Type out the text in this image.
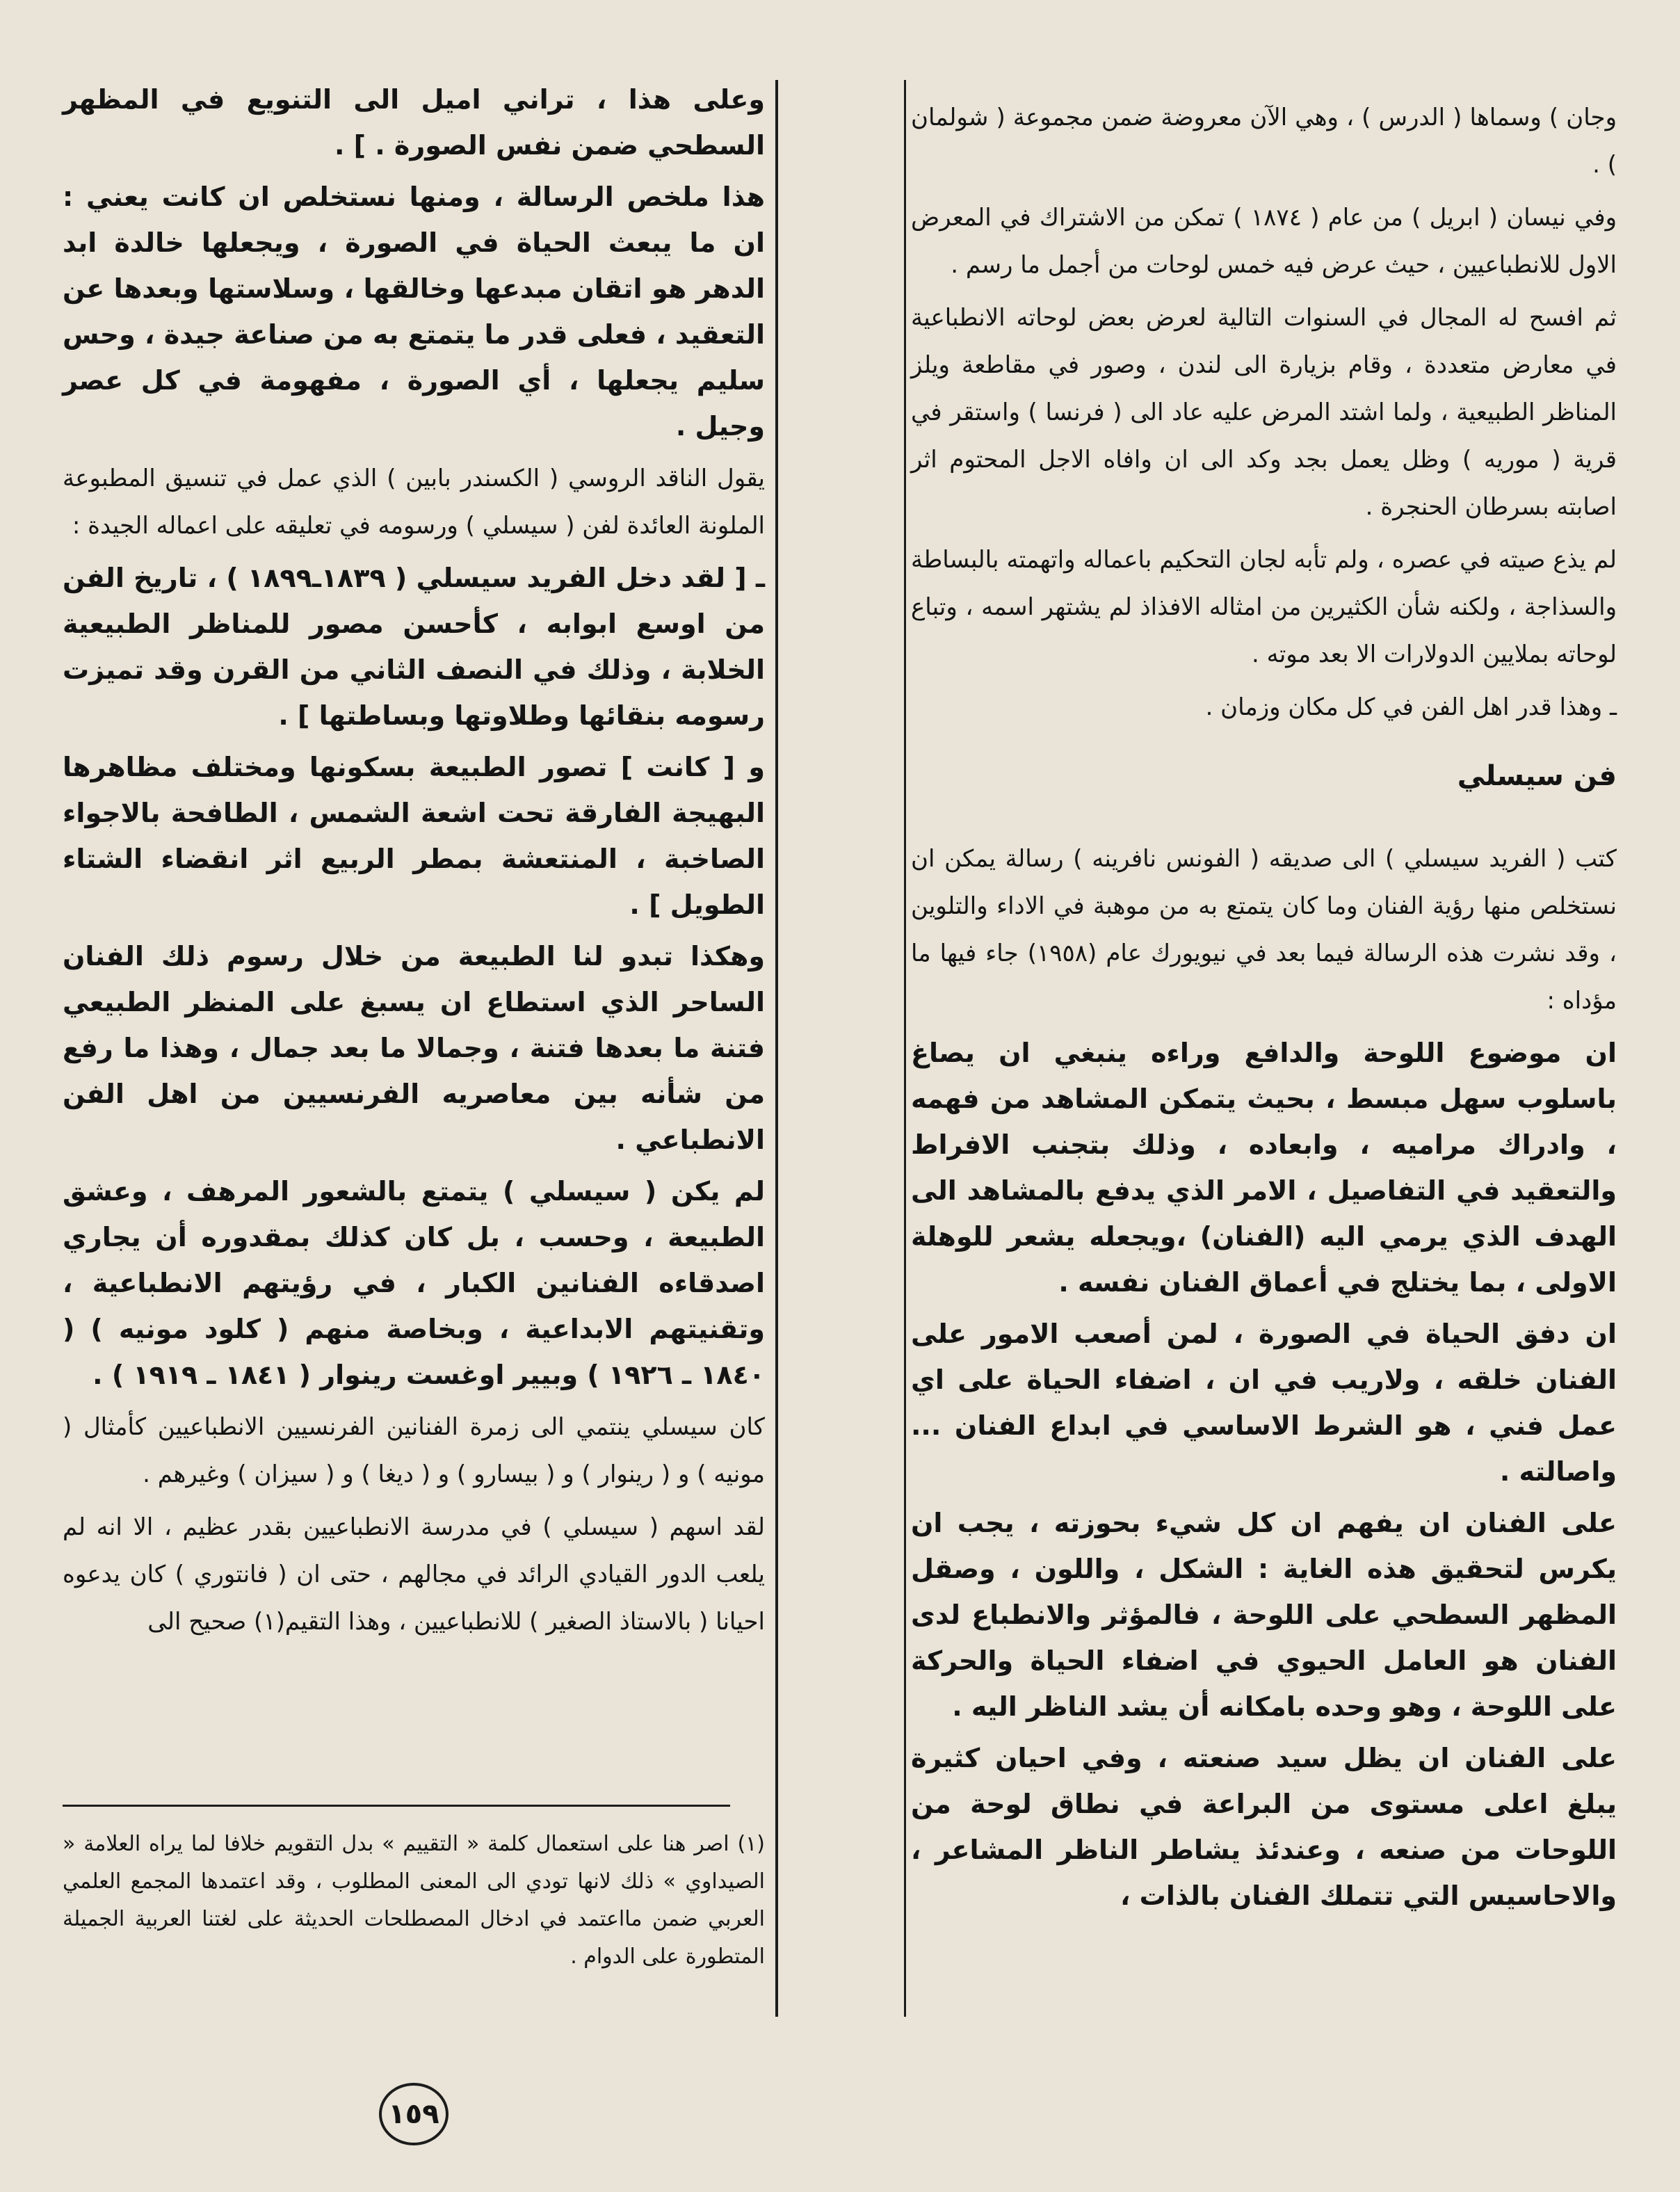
وجان ) وسماها ( الدرس ) ، وهي الآن معروضة ضمن مجموعة ( شولمان ) .

وفي نيسان ( ابريل ) من عام ( ١٨٧٤ ) تمكن من الاشتراك في المعرض الاول للانطباعيين ، حيث عرض فيه خمس لوحات من أجمل ما رسم .

ثم افسح له المجال في السنوات التالية لعرض بعض لوحاته الانطباعية في معارض متعددة ، وقام بزيارة الى لندن ، وصور في مقاطعة ويلز المناظر الطبيعية ، ولما اشتد المرض عليه عاد الى ( فرنسا ) واستقر في قرية ( موريه ) وظل يعمل بجد وكد الى ان وافاه الاجل المحتوم اثر اصابته بسرطان الحنجرة .

لم يذع صيته في عصره ، ولم تأبه لجان التحكيم باعماله واتهمته بالبساطة والسذاجة ، ولكنه شأن الكثيرين من امثاله الافذاذ لم يشتهر اسمه ، وتباع لوحاته بملايين الدولارات الا بعد موته .

ـ وهذا قدر اهل الفن في كل مكان وزمان .

فن سيسلي

كتب ( الفريد سيسلي ) الى صديقه ( الفونس نافرينه ) رسالة يمكن ان نستخلص منها رؤية الفنان وما كان يتمتع به من موهبة في الاداء والتلوين ، وقد نشرت هذه الرسالة فيما بعد في نيويورك عام (١٩٥٨) جاء فيها ما مؤداه :

ان موضوع اللوحة والدافع وراءه ينبغي ان يصاغ باسلوب سهل مبسط ، بحيث يتمكن المشاهد من فهمه ، وادراك مراميه ، وابعاده ، وذلك بتجنب الافراط والتعقيد في التفاصيل ، الامر الذي يدفع بالمشاهد الى الهدف الذي يرمي اليه (الفنان) ،ويجعله يشعر للوهلة الاولى ، بما يختلج في أعماق الفنان نفسه .

ان دفق الحياة في الصورة ، لمن أصعب الامور على الفنان خلقه ، ولاريب في ان ، اضفاء الحياة على اي عمل فني ، هو الشرط الاساسي في ابداع الفنان ... واصالته .

على الفنان ان يفهم ان كل شيء بحوزته ، يجب ان يكرس لتحقيق هذه الغاية : الشكل ، واللون ، وصقل المظهر السطحي على اللوحة ، فالمؤثر والانطباع لدى الفنان هو العامل الحيوي في اضفاء الحياة والحركة على اللوحة ، وهو وحده بامكانه أن يشد الناظر اليه .

على الفنان ان يظل سيد صنعته ، وفي احيان كثيرة يبلغ اعلى مستوى من البراعة في نطاق لوحة من اللوحات من صنعه ، وعندئذ يشاطر الناظر المشاعر ، والاحاسيس التي تتملك الفنان بالذات ،

وعلى هذا ، تراني اميل الى التنويع في المظهر السطحي ضمن نفس الصورة . ] .

هذا ملخص الرسالة ، ومنها نستخلص ان كانت يعني : ان ما يبعث الحياة في الصورة ، ويجعلها خالدة ابد الدهر هو اتقان مبدعها وخالقها ، وسلاستها وبعدها عن التعقيد ، فعلى قدر ما يتمتع به من صناعة جيدة ، وحس سليم يجعلها ، أي الصورة ، مفهومة في كل عصر وجيل .

يقول الناقد الروسي ( الكسندر بابين ) الذي عمل في تنسيق المطبوعة الملونة العائدة لفن ( سيسلي ) ورسومه في تعليقه على اعماله الجيدة :

ـ [ لقد دخل الفريد سيسلي ( ١٨٣٩ـ١٨٩٩ ) ، تاريخ الفن من اوسع ابوابه ، كأحسن مصور للمناظر الطبيعية الخلابة ، وذلك في النصف الثاني من القرن وقد تميزت رسومه بنقائها وطلاوتها وبساطتها ] .

و [ كانت ] تصور الطبيعة بسكونها ومختلف مظاهرها البهيجة الفارقة تحت اشعة الشمس ، الطافحة بالاجواء الصاخبة ، المنتعشة بمطر الربيع اثر انقضاء الشتاء الطويل ] .

وهكذا تبدو لنا الطبيعة من خلال رسوم ذلك الفنان الساحر الذي استطاع ان يسبغ على المنظر الطبيعي فتنة ما بعدها فتنة ، وجمالا ما بعد جمال ، وهذا ما رفع من شأنه بين معاصريه الفرنسيين من اهل الفن الانطباعي .

لم يكن ( سيسلي ) يتمتع بالشعور المرهف ، وعشق الطبيعة ، وحسب ، بل كان كذلك بمقدوره أن يجاري اصدقاءه الفنانين الكبار ، في رؤيتهم الانطباعية ، وتقنيتهم الابداعية ، وبخاصة منهم ( كلود مونيه ) ( ١٨٤٠ ـ ١٩٢٦ ) وبيير اوغست رينوار ( ١٨٤١ ـ ١٩١٩ ) .

كان سيسلي ينتمي الى زمرة الفنانين الفرنسيين الانطباعيين كأمثال ( مونيه ) و ( رينوار ) و ( بيسارو ) و ( ديغا ) و ( سيزان ) وغيرهم .

لقد اسهم ( سيسلي ) في مدرسة الانطباعيين بقدر عظيم ، الا انه لم يلعب الدور القيادي الرائد في مجالهم ، حتى ان ( فانتوري ) كان يدعوه احيانا ( بالاستاذ الصغير ) للانطباعيين ، وهذا التقيم(١) صحيح الى

(١) اصر هنا على استعمال كلمة « التقييم » بدل التقويم خلافا لما يراه العلامة « الصيداوي » ذلك لانها تودي الى المعنى المطلوب ، وقد اعتمدها المجمع العلمي العربي ضمن مااعتمد في ادخال المصطلحات الحديثة على لغتنا العربية الجميلة المتطورة على الدوام .
١٥٩
